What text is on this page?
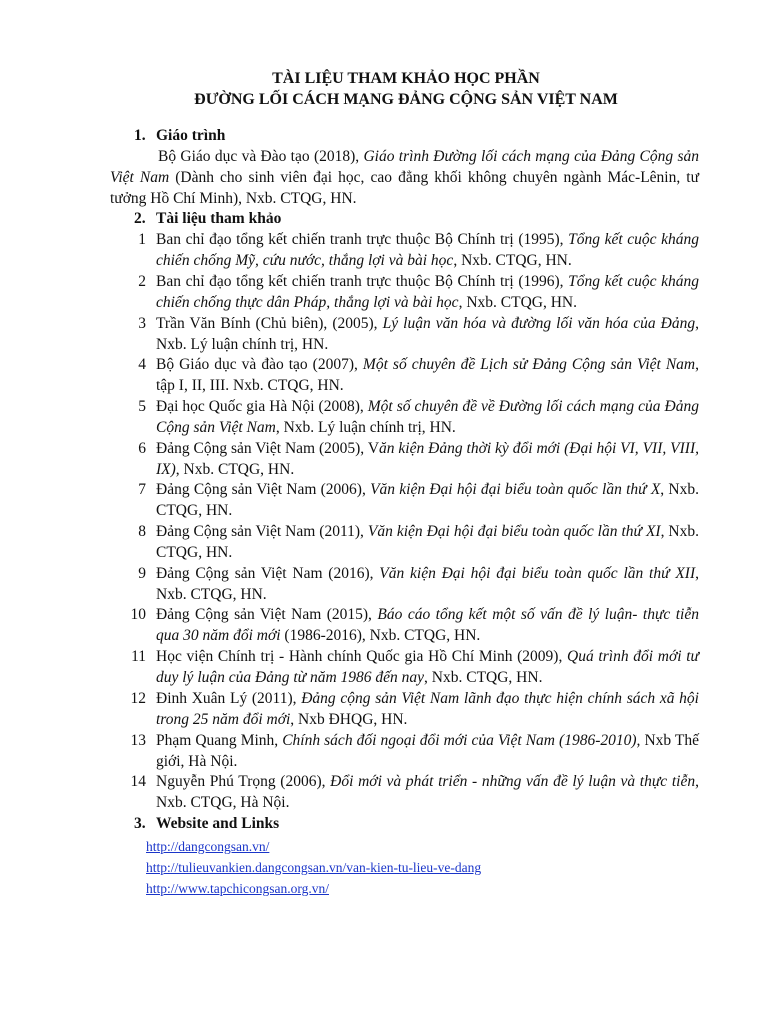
TÀI LIỆU THAM KHẢO HỌC PHẦN
ĐƯỜNG LỐI CÁCH MẠNG ĐẢNG CỘNG SẢN VIỆT NAM
1. Giáo trình
Bộ Giáo dục và Đào tạo (2018), Giáo trình Đường lối cách mạng của Đảng Cộng sản Việt Nam (Dành cho sinh viên đại học, cao đẳng khối không chuyên ngành Mác-Lênin, tư tưởng Hồ Chí Minh), Nxb. CTQG, HN.
2. Tài liệu tham khảo
1 Ban chỉ đạo tổng kết chiến tranh trực thuộc Bộ Chính trị (1995), Tổng kết cuộc kháng chiến chống Mỹ, cứu nước, thắng lợi và bài học, Nxb. CTQG, HN.
2 Ban chỉ đạo tổng kết chiến tranh trực thuộc Bộ Chính trị (1996), Tổng kết cuộc kháng chiến chống thực dân Pháp, thắng lợi và bài học, Nxb. CTQG, HN.
3 Trần Văn Bính (Chủ biên), (2005), Lý luận văn hóa và đường lối văn hóa của Đảng, Nxb. Lý luận chính trị, HN.
4 Bộ Giáo dục và đào tạo (2007), Một số chuyên đề Lịch sử Đảng Cộng sản Việt Nam, tập I, II, III. Nxb. CTQG, HN.
5 Đại học Quốc gia Hà Nội (2008), Một số chuyên đề về Đường lối cách mạng của Đảng Cộng sản Việt Nam, Nxb. Lý luận chính trị, HN.
6 Đảng Cộng sản Việt Nam (2005), Văn kiện Đảng thời kỳ đổi mới (Đại hội VI, VII, VIII, IX), Nxb. CTQG, HN.
7 Đảng Cộng sản Việt Nam (2006), Văn kiện Đại hội đại biểu toàn quốc lần thứ X, Nxb. CTQG, HN.
8 Đảng Cộng sản Việt Nam (2011), Văn kiện Đại hội đại biểu toàn quốc lần thứ XI, Nxb. CTQG, HN.
9 Đảng Cộng sản Việt Nam (2016), Văn kiện Đại hội đại biểu toàn quốc lần thứ XII, Nxb. CTQG, HN.
10 Đảng Cộng sản Việt Nam (2015), Báo cáo tổng kết một số vấn đề lý luận- thực tiễn qua 30 năm đổi mới (1986-2016), Nxb. CTQG, HN.
11 Học viện Chính trị - Hành chính Quốc gia Hồ Chí Minh (2009), Quá trình đổi mới tư duy lý luận của Đảng từ năm 1986 đến nay, Nxb. CTQG, HN.
12 Đinh Xuân Lý (2011), Đảng cộng sản Việt Nam lãnh đạo thực hiện chính sách xã hội trong 25 năm đổi mới, Nxb ĐHQG, HN.
13 Phạm Quang Minh, Chính sách đối ngoại đổi mới của Việt Nam (1986-2010), Nxb Thế giới, Hà Nội.
14 Nguyễn Phú Trọng (2006), Đổi mới và phát triển - những vấn đề lý luận và thực tiễn, Nxb. CTQG, Hà Nội.
3. Website and Links
http://dangcongsan.vn/
http://tulieuvankien.dangcongsan.vn/van-kien-tu-lieu-ve-dang
http://www.tapchicongsan.org.vn/
